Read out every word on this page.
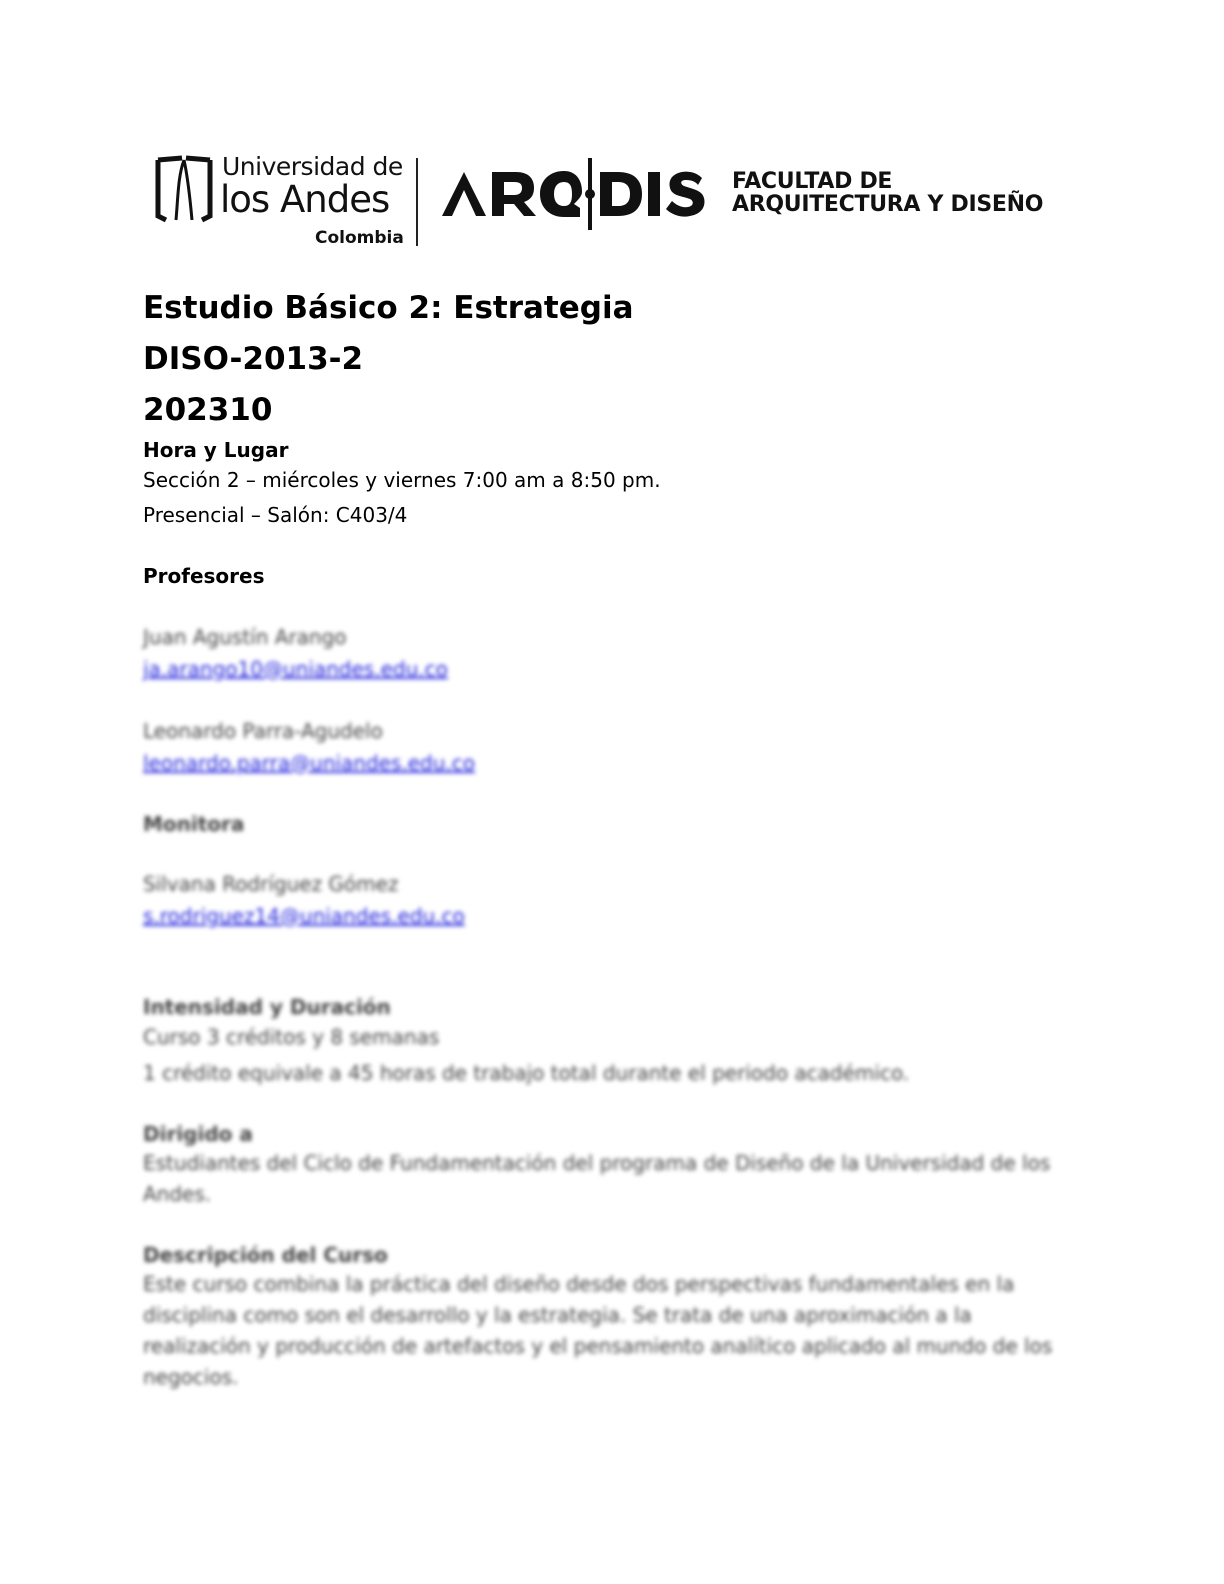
Universidad de
los Andes
Colombia
FACULTAD DE
ARQUITECTURA Y DISEÑO
Estudio Básico 2: Estrategia
DISO-2013-2
202310
Hora y Lugar
Sección 2 – miércoles y viernes 7:00 am a 8:50 pm.
Presencial – Salón: C403/4
Profesores
Juan Agustín Arango
ja.arango10@uniandes.edu.co
Leonardo Parra-Agudelo
leonardo.parra@uniandes.edu.co
Monitora
Silvana Rodríguez Gómez
s.rodriguez14@uniandes.edu.co
Intensidad y Duración
Curso 3 créditos y 8 semanas
1 crédito equivale a 45 horas de trabajo total durante el periodo académico.
Dirigido a
Estudiantes del Ciclo de Fundamentación del programa de Diseño de la Universidad de los Andes.
Descripción del Curso
Este curso combina la práctica del diseño desde dos perspectivas fundamentales en la disciplina como son el desarrollo y la estrategia. Se trata de una aproximación a la realización y producción de artefactos y el pensamiento analítico aplicado al mundo de los negocios.
